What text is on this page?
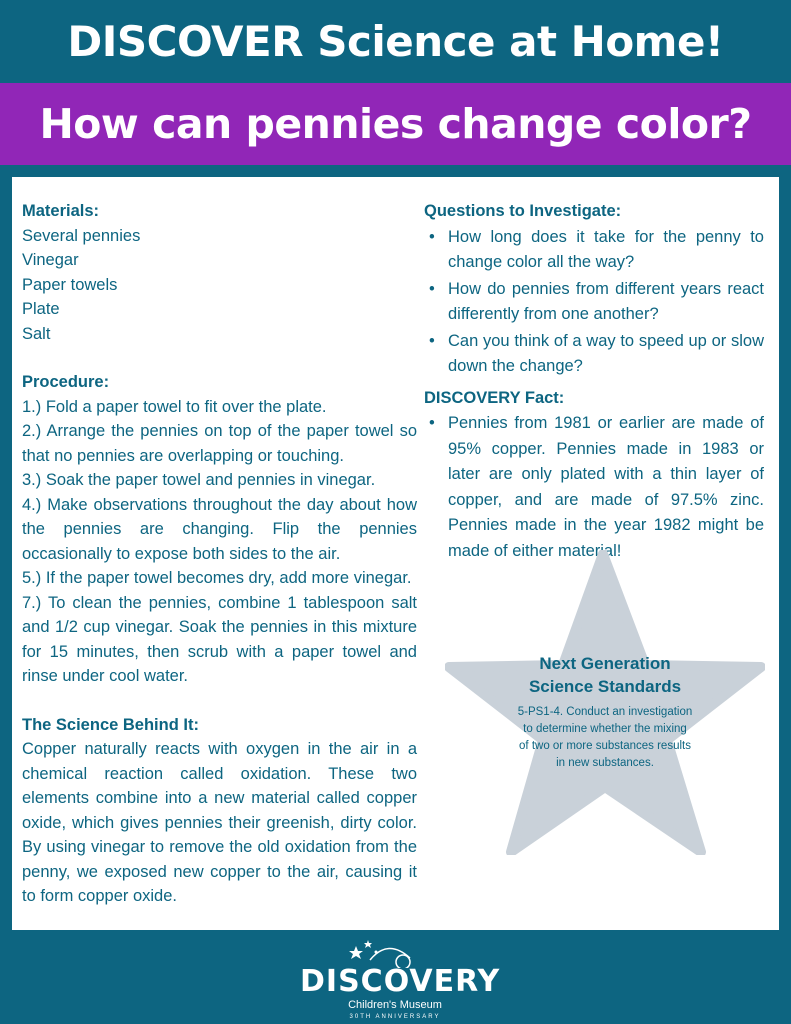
DISCOVER Science at Home!
How can pennies change color?
Materials:
Several pennies
Vinegar
Paper towels
Plate
Salt
Procedure:
1.) Fold a paper towel to fit over the plate.
2.) Arrange the pennies on top of the paper towel so that no pennies are overlapping or touching.
3.) Soak the paper towel and pennies in vinegar.
4.) Make observations throughout the day about how the pennies are changing. Flip the pennies occasionally to expose both sides to the air.
5.) If the paper towel becomes dry, add more vinegar.
7.) To clean the pennies, combine 1 tablespoon salt and 1/2 cup vinegar. Soak the pennies in this mixture for 15 minutes, then scrub with a paper towel and rinse under cool water.
The Science Behind It:
Copper naturally reacts with oxygen in the air in a chemical reaction called oxidation. These two elements combine into a new material called copper oxide, which gives pennies their greenish, dirty color. By using vinegar to remove the old oxidation from the penny, we exposed new copper to the air, causing it to form copper oxide.
Questions to Investigate:
• How long does it take for the penny to change color all the way?
• How do pennies from different years react differently from one another?
• Can you think of a way to speed up or slow down the change?
DISCOVERY Fact:
• Pennies from 1981 or earlier are made of 95% copper. Pennies made in 1983 or later are only plated with a thin layer of copper, and are made of 97.5% zinc. Pennies made in the year 1982 might be made of either material!
Next Generation Science Standards
5-PS1-4. Conduct an investigation to determine whether the mixing of two or more substances results in new substances.
DISCOVERY
Children's Museum
30TH ANNIVERSARY
